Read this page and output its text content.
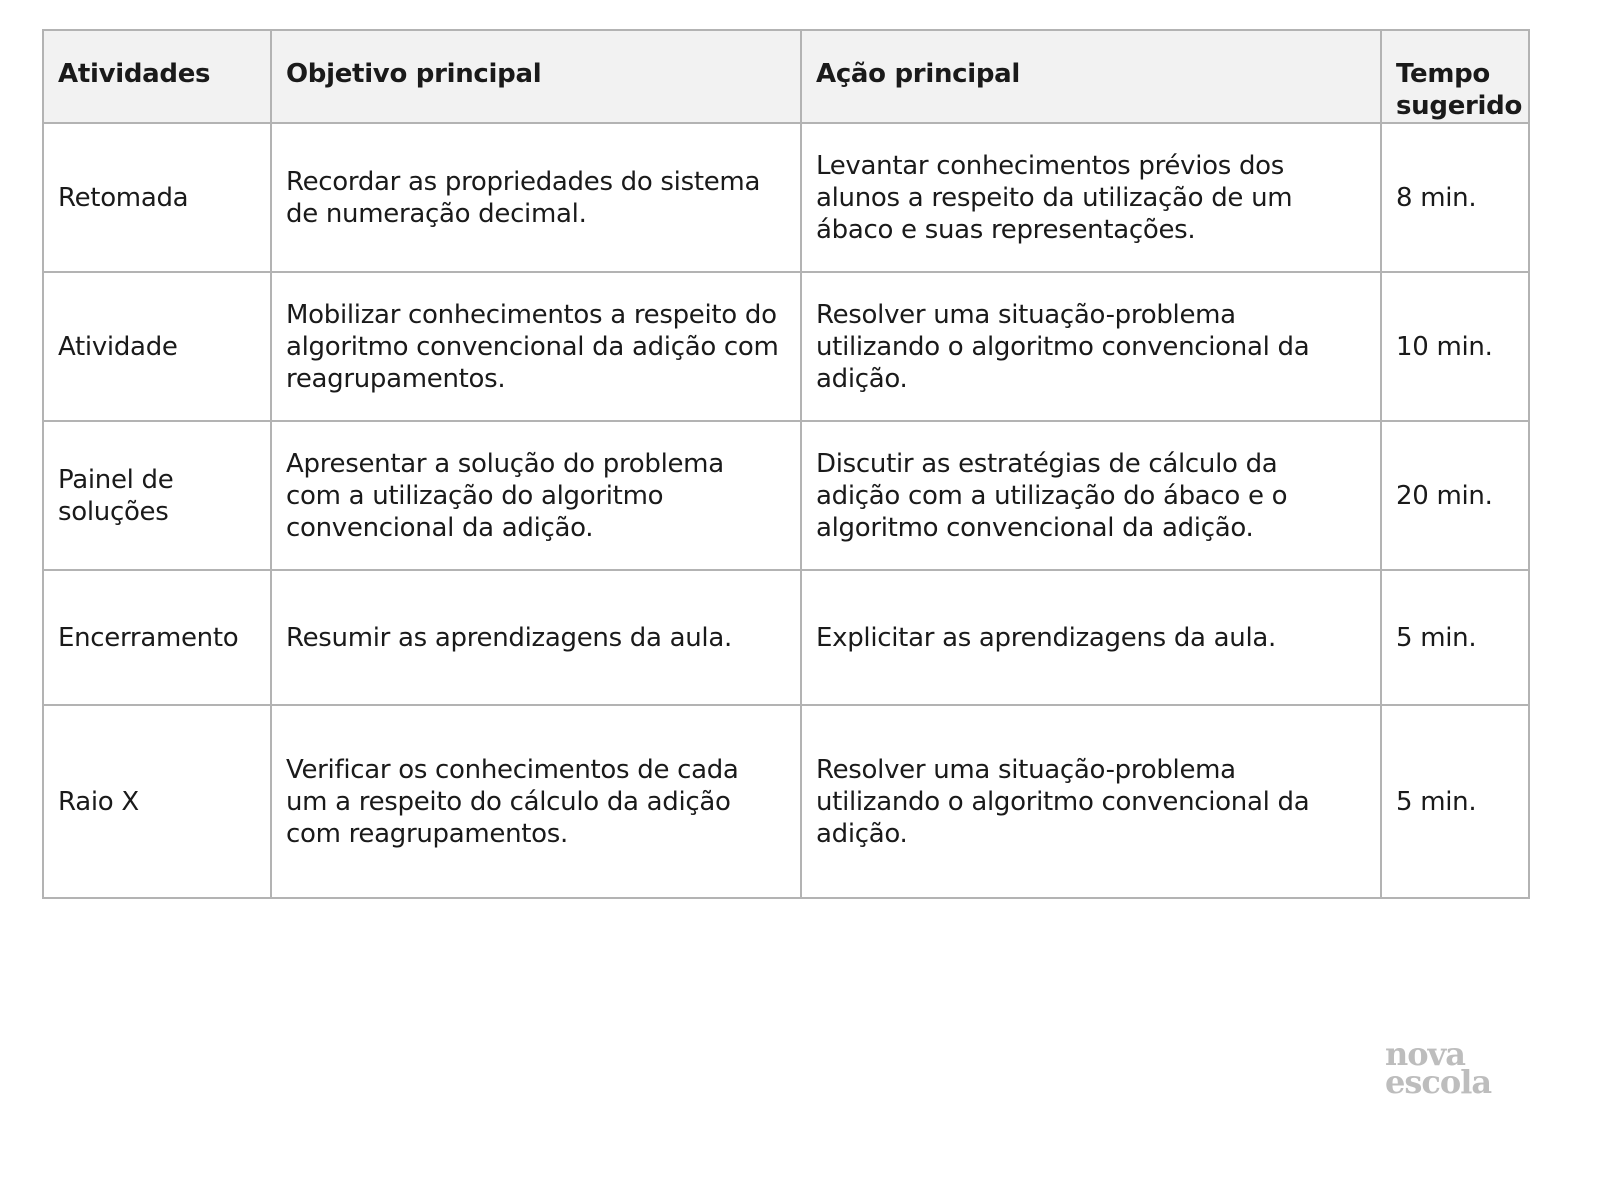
Atividades	Objetivo principal	Ação principal	Tempo sugerido
Retomada	Recordar as propriedades do sistema de numeração decimal.	Levantar conhecimentos prévios dos alunos a respeito da utilização de um ábaco e suas representações.	8 min.
Atividade	Mobilizar conhecimentos a respeito do algoritmo convencional da adição com reagrupamentos.	Resolver uma situação-problema utilizando o algoritmo convencional da adição.	10 min.
Painel de soluções	Apresentar a solução do problema com a utilização do algoritmo convencional da adição.	Discutir as estratégias de cálculo da adição com a utilização do ábaco e o algoritmo convencional da adição.	20 min.
Encerramento	Resumir as aprendizagens da aula.	Explicitar as aprendizagens da aula.	5 min.
Raio X	Verificar os conhecimentos de cada um a respeito do cálculo da adição com reagrupamentos.	Resolver uma situação-problema utilizando o algoritmo convencional da adição.	5 min.
nova
escola
